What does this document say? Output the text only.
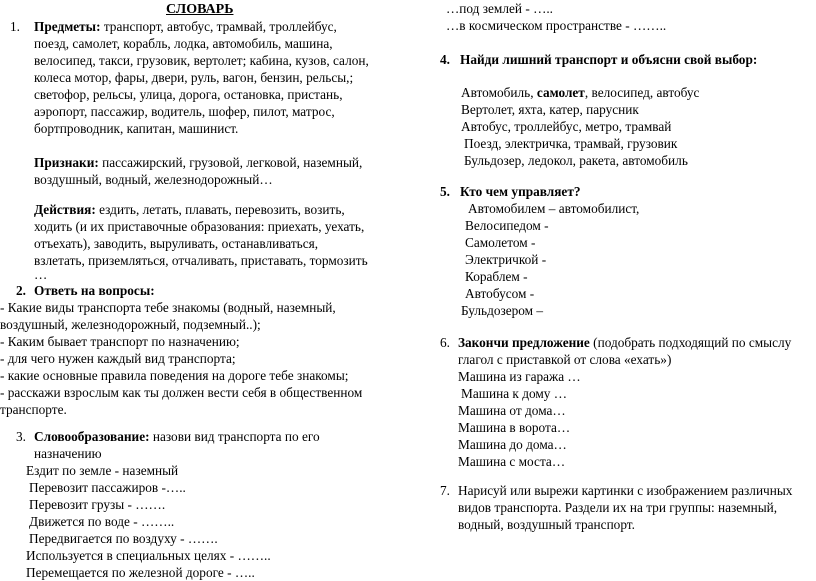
СЛОВАРЬ
1. Предметы: транспорт, автобус, трамвай, троллейбус,
поезд, самолет, корабль, лодка, автомобиль, машина,
велосипед, такси, грузовик, вертолет; кабина, кузов, салон,
колеса мотор, фары, двери, руль, вагон, бензин, рельсы,;
светофор, рельсы, улица, дорога, остановка, пристань,
аэропорт, пассажир, водитель, шофер, пилот, матрос,
бортпроводник, капитан, машинист.
Признаки: пассажирский, грузовой, легковой, наземный,
воздушный, водный, железнодорожный…
Действия: ездить, летать, плавать, перевозить, возить,
ходить (и их приставочные образования: приехать, уехать,
отъехать), заводить, выруливать, останавливаться,
взлетать, приземляться, отчаливать, приставать, тормозить
…
2. Ответь на вопросы:
- Какие виды транспорта тебе знакомы (водный, наземный,
воздушный, железнодорожный, подземный..);
- Каким бывает транспорт по назначению;
- для чего нужен каждый вид транспорта;
- какие основные правила поведения на дороге тебе знакомы;
- расскажи взрослым как ты должен вести себя в общественном
транспорте.
3. Словообразование: назови вид транспорта по его
назначению
Ездит по земле - наземный
Перевозит пассажиров -…..
Перевозит грузы - …….
Движется по воде - ……..
Передвигается по воздуху - …….
Используется в специальных целях - ……..
Перемещается по железной дороге - …..
…под землей - …..
…в космическом пространстве - ……..
4. Найди лишний транспорт и объясни свой выбор:
Автомобиль, самолет, велосипед, автобус
Вертолет, яхта, катер, парусник
Автобус, троллейбус, метро, трамвай
Поезд, электричка, трамвай, грузовик
Бульдозер, ледокол, ракета, автомобиль
5. Кто чем управляет?
Автомобилем – автомобилист,
Велосипедом -
Самолетом -
Электричкой -
Кораблем -
Автобусом -
Бульдозером –
6. Закончи предложение (подобрать подходящий по смыслу
глагол с приставкой от слова «ехать»)
Машина из гаража …
Машина к дому …
Машина от дома…
Машина в ворота…
Машина до дома…
Машина с моста…
7. Нарисуй или вырежи картинки с изображением различных
видов транспорта. Раздели их на три группы: наземный,
водный, воздушный транспорт.
